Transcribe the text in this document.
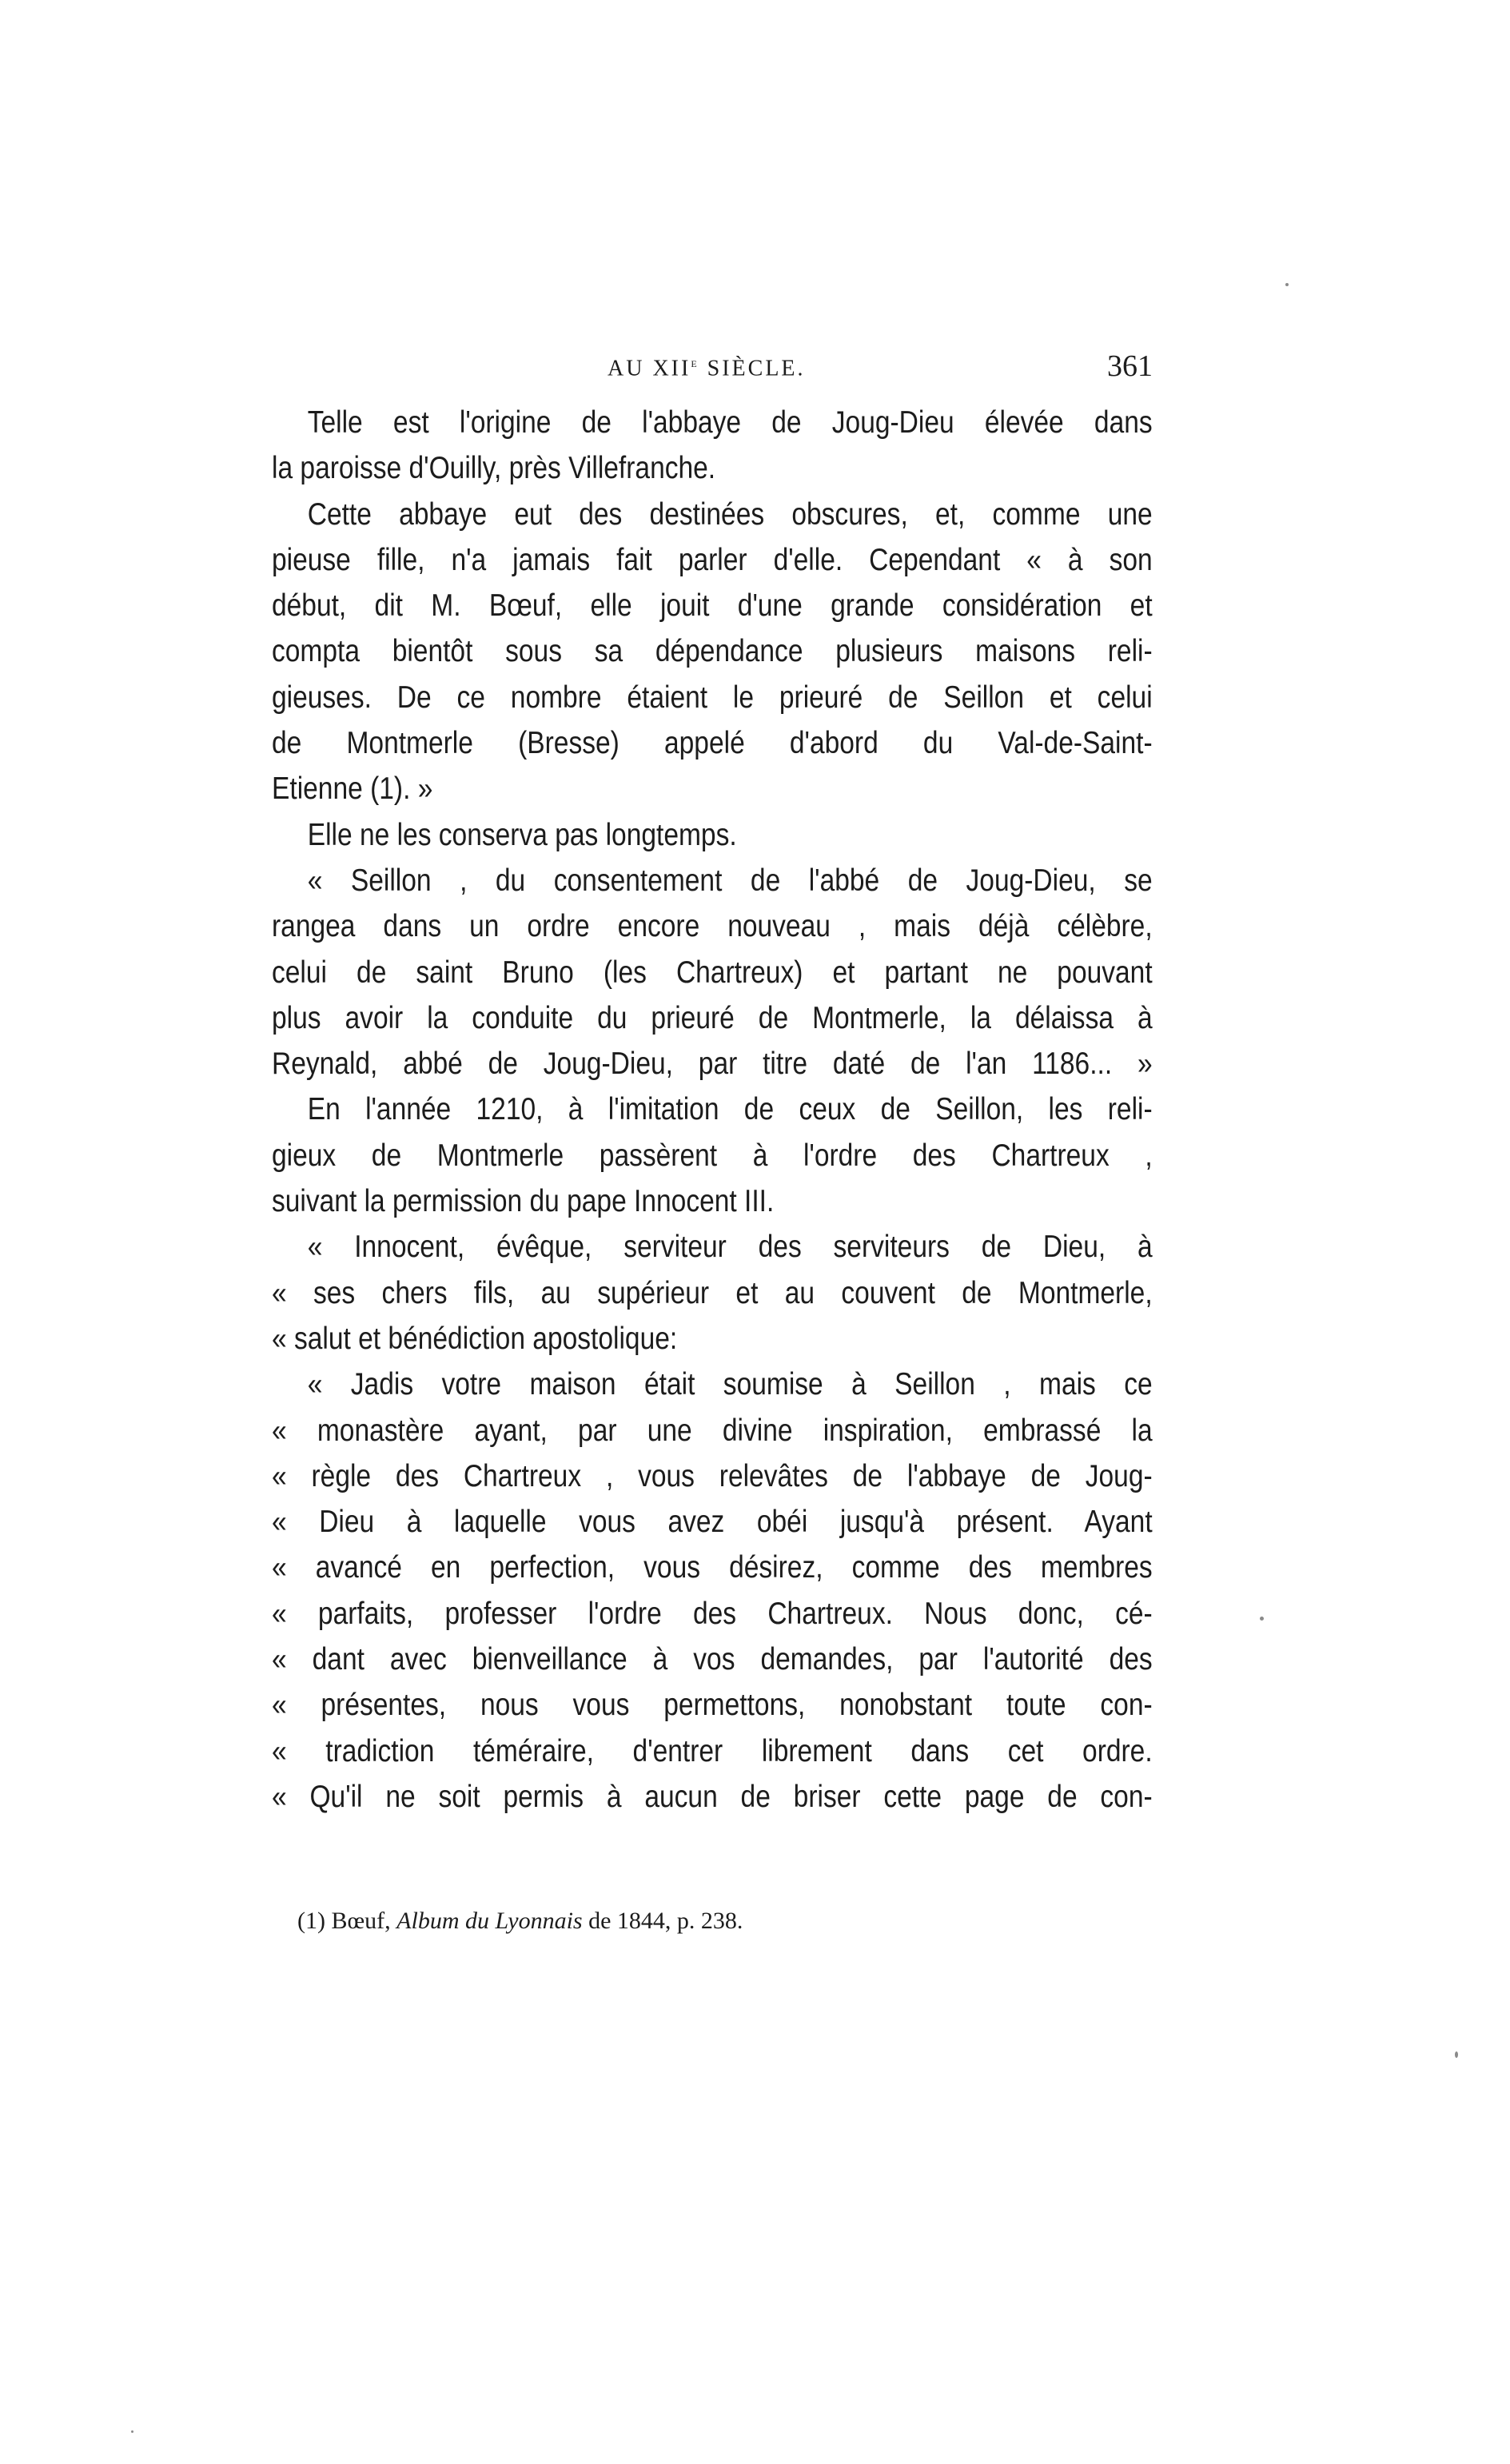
AU XIIe SIÈCLE.	361
Telle est l'origine de l'abbaye de Joug-Dieu élevée dans
la paroisse d'Ouilly, près Villefranche.
Cette abbaye eut des destinées obscures, et, comme une
pieuse fille, n'a jamais fait parler d'elle. Cependant « à son
début, dit M. Bœuf, elle jouit d'une grande considération et
compta bientôt sous sa dépendance plusieurs maisons reli-
gieuses. De ce nombre étaient le prieuré de Seillon et celui
de Montmerle (Bresse) appelé d'abord du Val-de-Saint-
Etienne (1). »
Elle ne les conserva pas longtemps.
« Seillon , du consentement de l'abbé de Joug-Dieu, se
rangea dans un ordre encore nouveau , mais déjà célèbre,
celui de saint Bruno (les Chartreux) et partant ne pouvant
plus avoir la conduite du prieuré de Montmerle, la délaissa à
Reynald, abbé de Joug-Dieu, par titre daté de l'an 1186... »
En l'année 1210, à l'imitation de ceux de Seillon, les reli-
gieux de Montmerle passèrent à l'ordre des Chartreux ,
suivant la permission du pape Innocent III.
« Innocent, évêque, serviteur des serviteurs de Dieu, à
« ses chers fils, au supérieur et au couvent de Montmerle,
« salut et bénédiction apostolique:
« Jadis votre maison était soumise à Seillon , mais ce
« monastère ayant, par une divine inspiration, embrassé la
« règle des Chartreux , vous relevâtes de l'abbaye de Joug-
« Dieu à laquelle vous avez obéi jusqu'à présent. Ayant
« avancé en perfection, vous désirez, comme des membres
« parfaits, professer l'ordre des Chartreux. Nous donc, cé-
« dant avec bienveillance à vos demandes, par l'autorité des
« présentes, nous vous permettons, nonobstant toute con-
« tradiction téméraire, d'entrer librement dans cet ordre.
« Qu'il ne soit permis à aucun de briser cette page de con-
(1) Bœuf, Album du Lyonnais de 1844, p. 238.
